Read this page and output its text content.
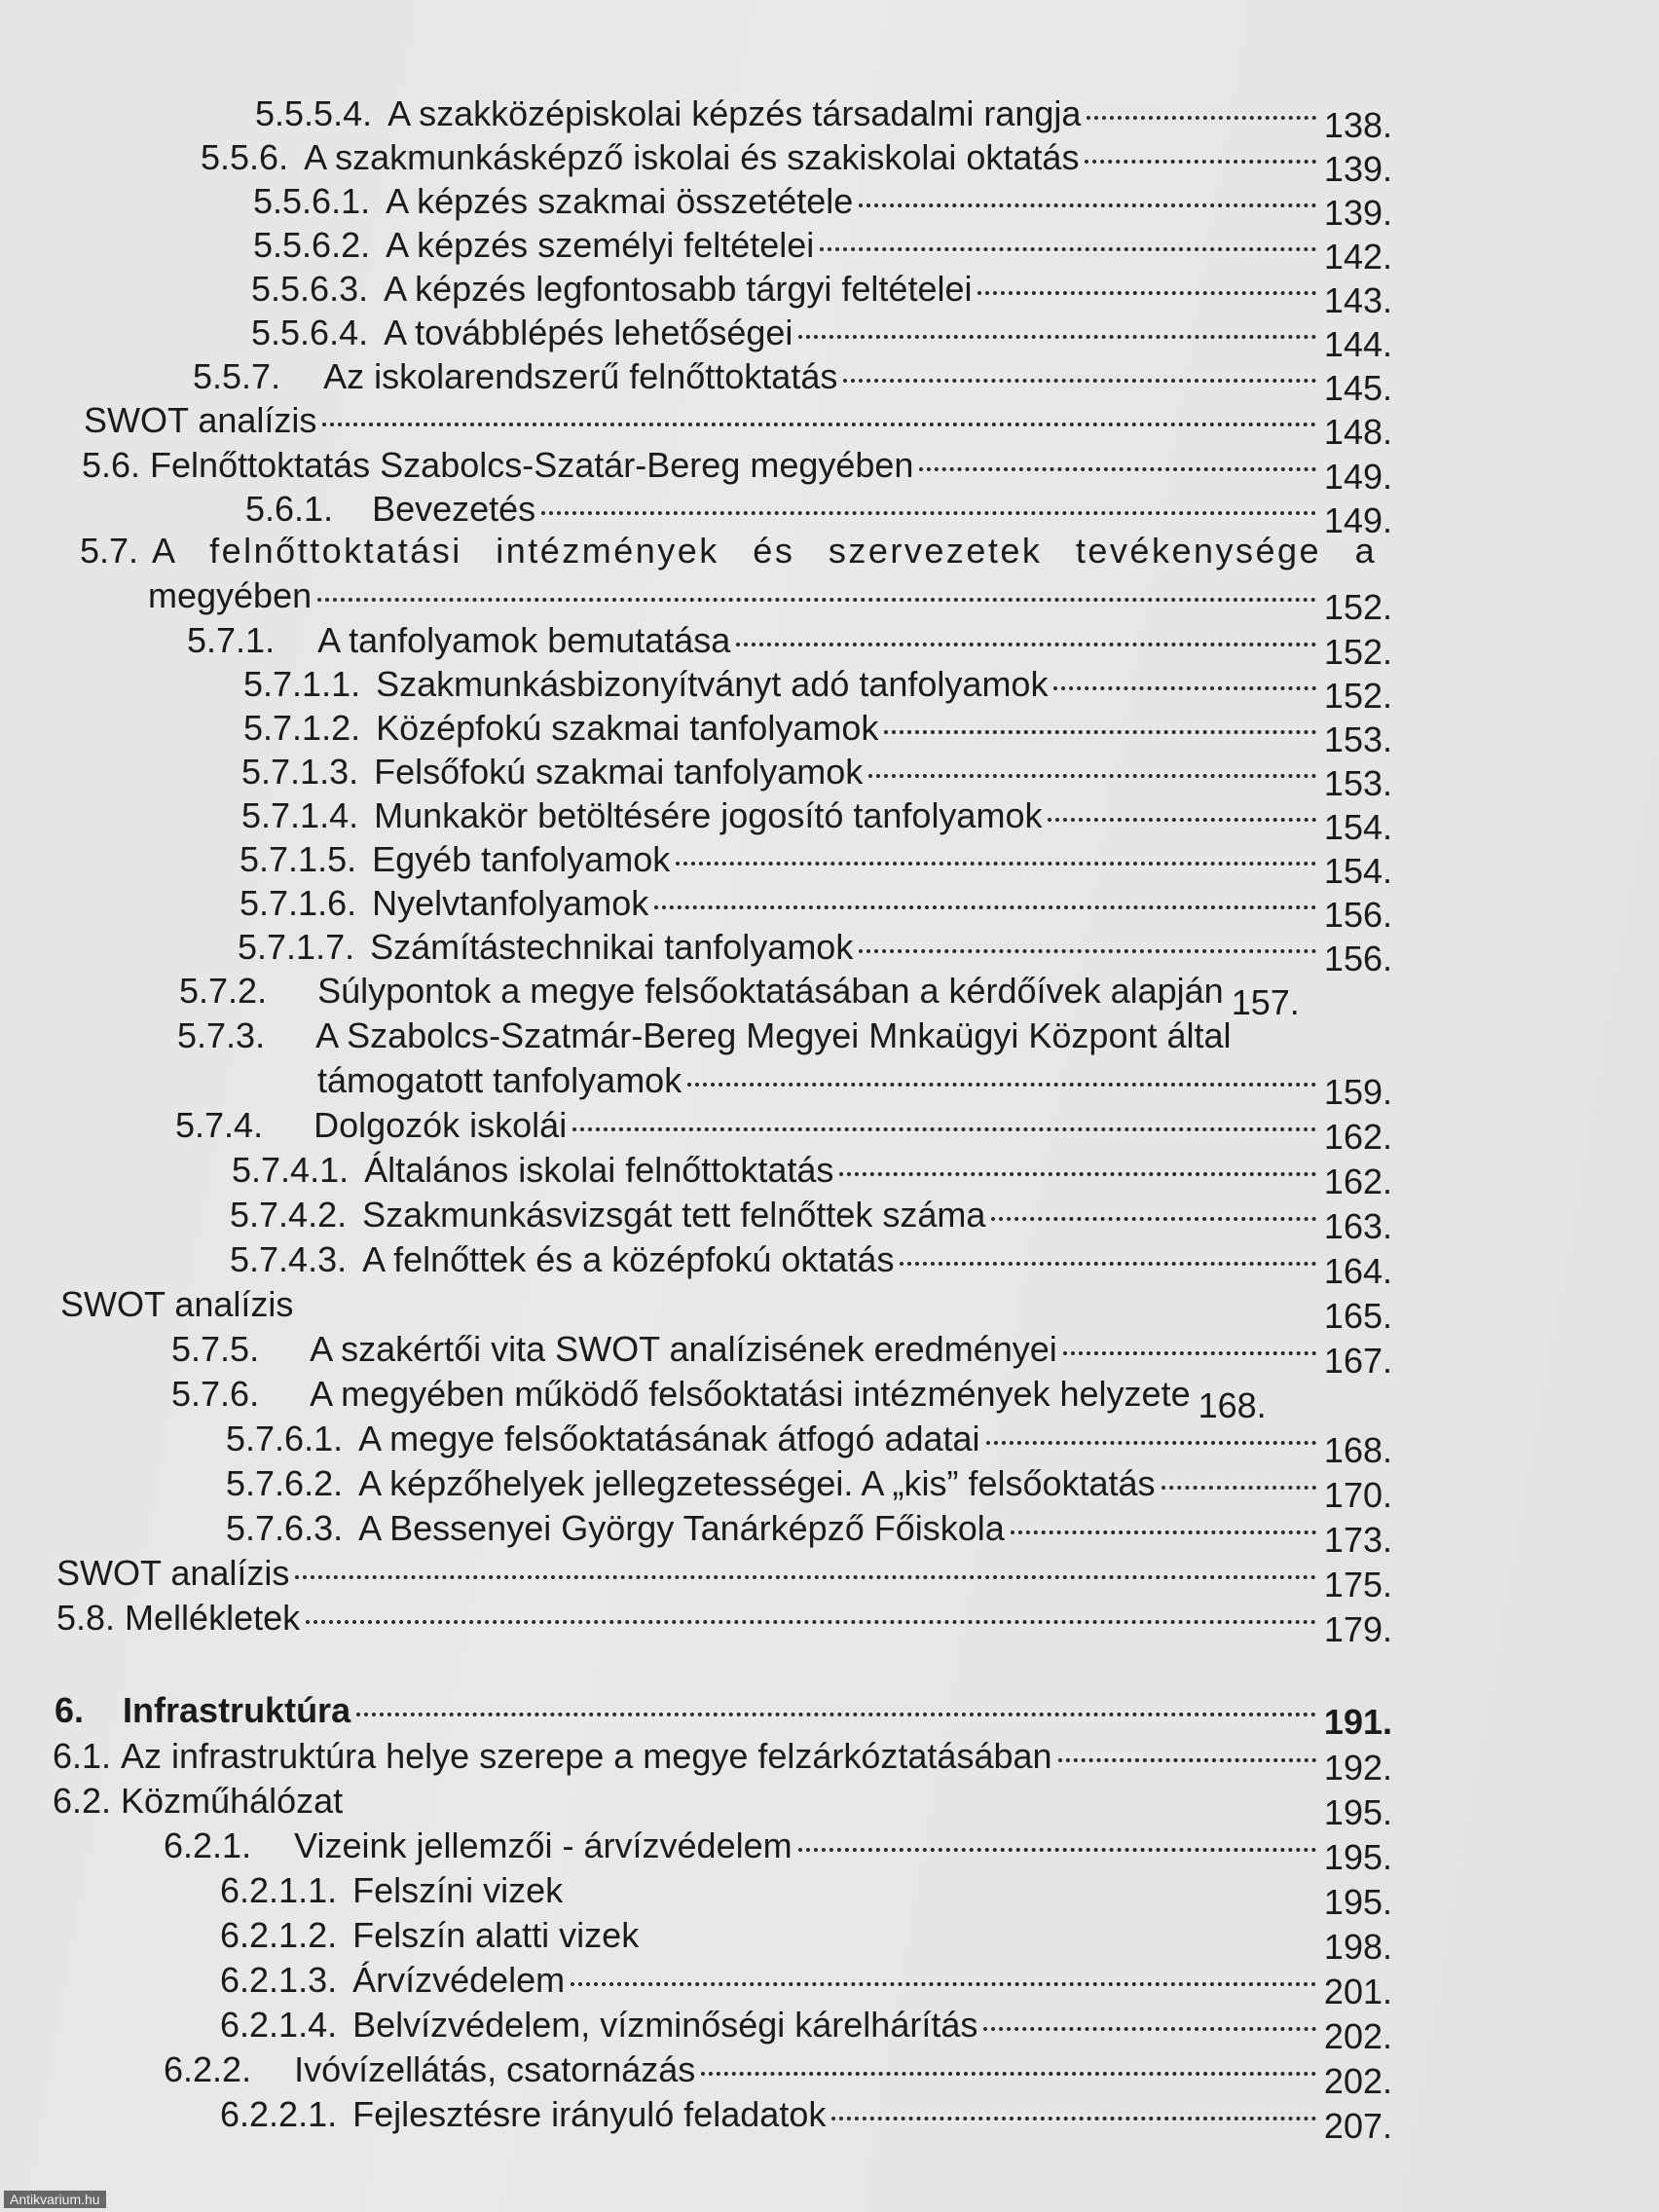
5.5.5.4. A szakközépiskolai képzés társadalmi rangja	138.
5.5.6. A szakmunkásképző iskolai és szakiskolai oktatás	139.
5.5.6.1. A képzés szakmai összetétele	139.
5.5.6.2. A képzés személyi feltételei	142.
5.5.6.3. A képzés legfontosabb tárgyi feltételei	143.
5.5.6.4. A továbblépés lehetőségei	144.
5.5.7. Az iskolarendszerű felnőttoktatás	145.
SWOT analízis	148.
5.6. Felnőttoktatás Szabolcs-Szatár-Bereg megyében	149.
5.6.1. Bevezetés	149.
5.7. A felnőttoktatási intézmények és szervezetek tevékenysége a
megyében	152.
5.7.1. A tanfolyamok bemutatása	152.
5.7.1.1. Szakmunkásbizonyítványt adó tanfolyamok	152.
5.7.1.2. Középfokú szakmai tanfolyamok	153.
5.7.1.3. Felsőfokú szakmai tanfolyamok	153.
5.7.1.4. Munkakör betöltésére jogosító tanfolyamok	154.
5.7.1.5. Egyéb tanfolyamok	154.
5.7.1.6. Nyelvtanfolyamok	156.
5.7.1.7. Számítástechnikai tanfolyamok	156.
5.7.2. Súlypontok a megye felsőoktatásában a kérdőívek alapján 157.
5.7.3. A Szabolcs-Szatmár-Bereg Megyei Mnkaügyi Központ által
támogatott tanfolyamok	159.
5.7.4. Dolgozók iskolái	162.
5.7.4.1. Általános iskolai felnőttoktatás	162.
5.7.4.2. Szakmunkásvizsgát tett felnőttek száma	163.
5.7.4.3. A felnőttek és a középfokú oktatás	164.
SWOT analízis	165.
5.7.5. A szakértői vita SWOT analízisének eredményei	167.
5.7.6. A megyében működő felsőoktatási intézmények helyzete 168.
5.7.6.1. A megye felsőoktatásának átfogó adatai	168.
5.7.6.2. A képzőhelyek jellegzetességei. A „kis” felsőoktatás	170.
5.7.6.3. A Bessenyei György Tanárképző Főiskola	173.
SWOT analízis	175.
5.8. Mellékletek	179.
6. Infrastruktúra	191.
6.1. Az infrastruktúra helye szerepe a megye felzárkóztatásában	192.
6.2. Közműhálózat	195.
6.2.1. Vizeink jellemzői - árvízvédelem	195.
6.2.1.1. Felszíni vizek	195.
6.2.1.2. Felszín alatti vizek	198.
6.2.1.3. Árvízvédelem	201.
6.2.1.4. Belvízvédelem, vízminőségi kárelhárítás	202.
6.2.2. Ivóvízellátás, csatornázás	202.
6.2.2.1. Fejlesztésre irányuló feladatok	207.
Antikvarium.hu
